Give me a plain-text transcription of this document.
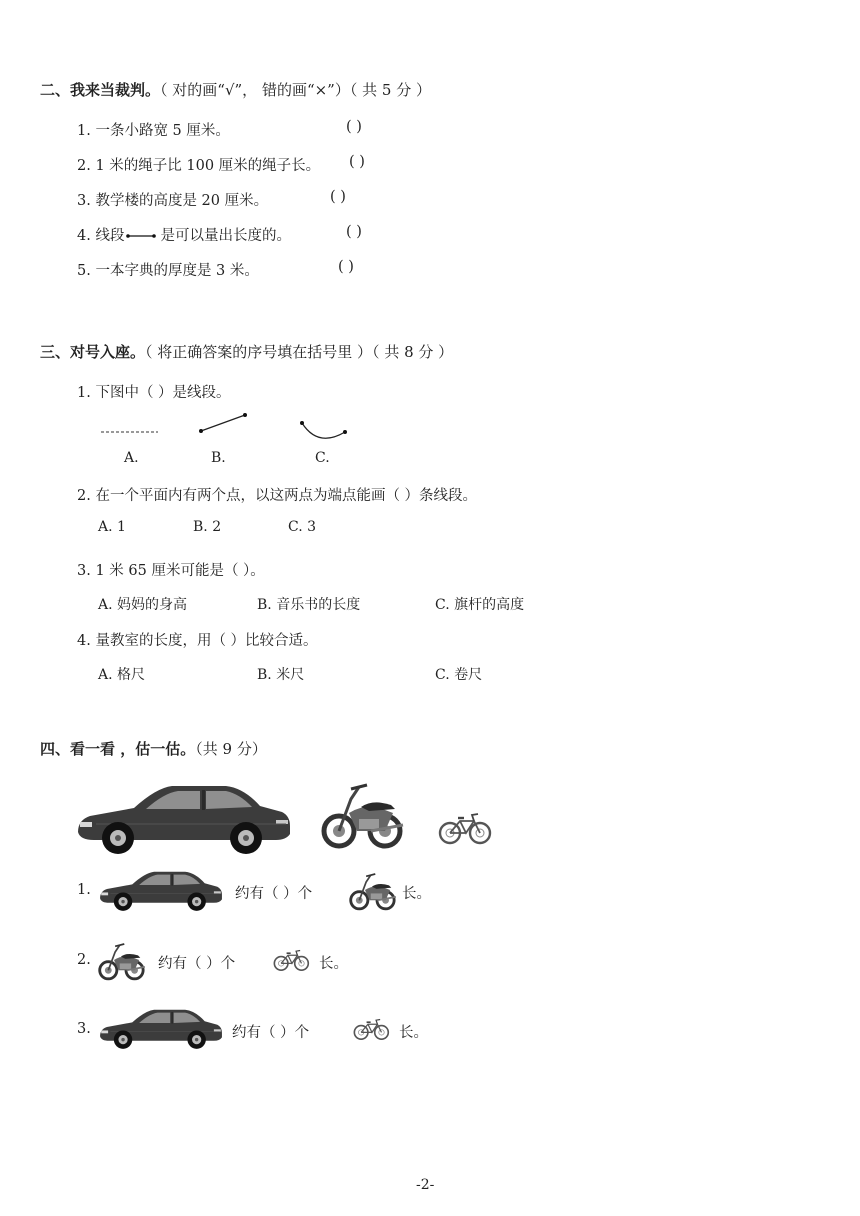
二、我来当裁判。（ 对的画“√”， 错的画“×”）（ 共 5 分 ）
1. 一条小路宽 5 厘米。	( )
2. 1 米的绳子比 100 厘米的绳子长。 ( )
3. 教学楼的高度是 20 厘米。	( )
4. 线段 是可以量出长度的。	( )
5. 一本字典的厚度是 3 米。	( )
三、对号入座。（ 将正确答案的序号填在括号里 ）（ 共 8 分 ）
1. 下图中（ ）是线段。
A.	B.	C.
2. 在一个平面内有两个点，以这两点为端点能画（ ）条线段。
A. 1	B. 2	C. 3
3. 1 米 65 厘米可能是（ ）。
A. 妈妈的身高	B. 音乐书的长度	C. 旗杆的高度
4. 量教室的长度，用（ ）比较合适。
A. 格尺	B. 米尺	C. 卷尺
四、看一看 ，估一估。（共 9 分）
1.	约有（ ）个	长。
2.	约有（ ）个	长。
3.	约有（ ）个	长。
-2-
